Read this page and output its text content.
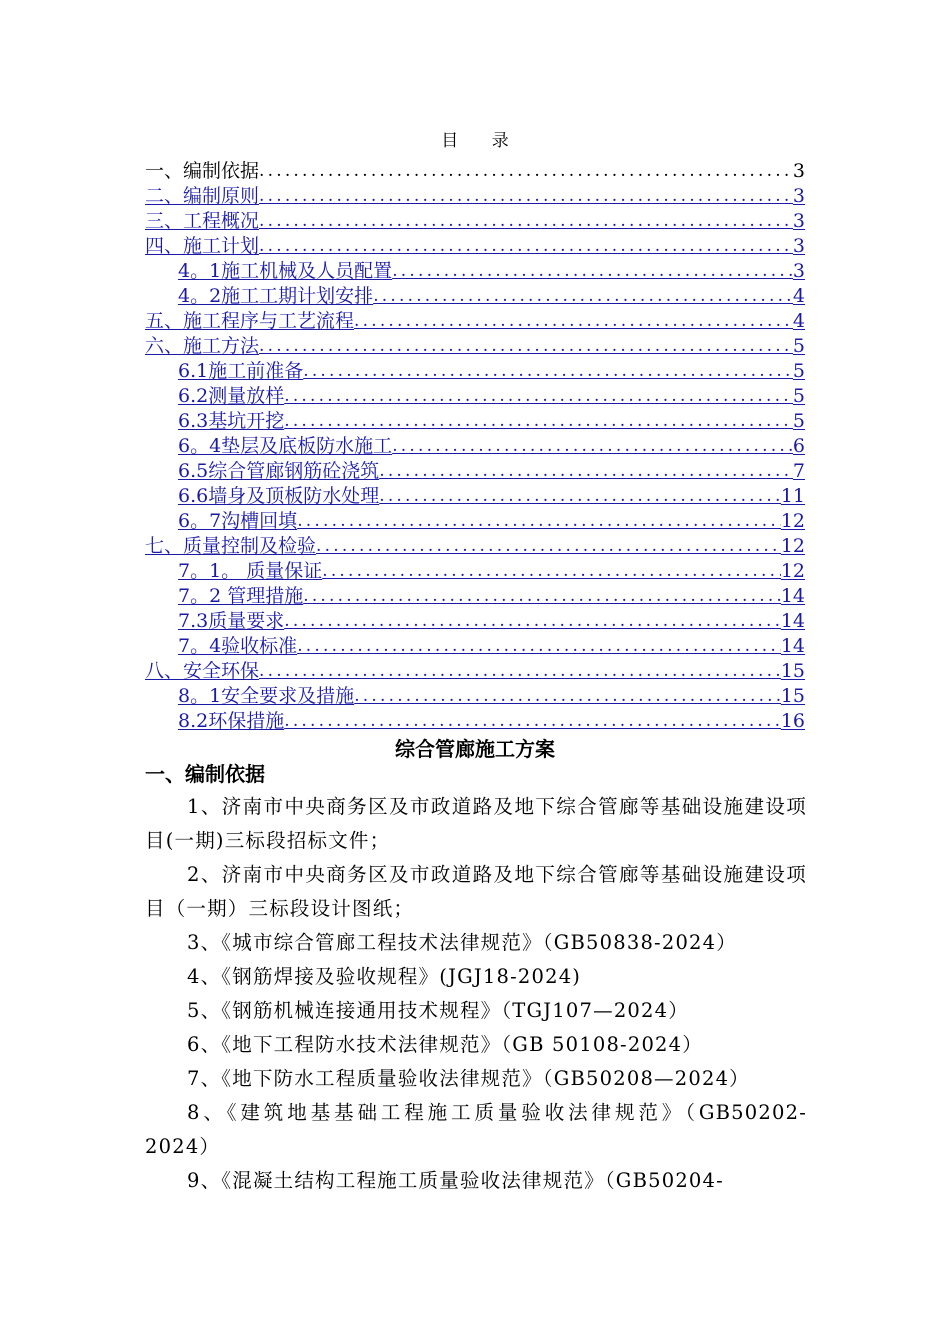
目 录
一、编制依据 .....	3
二、编制原则 .....	3
三、工程概况 .....	3
四、施工计划 .....	3
4。1施工机械及人员配置 .....	3
4。2施工工期计划安排 .....	4
五、施工程序与工艺流程 .....	4
六、施工方法 .....	5
6.1施工前准备 .....	5
6.2测量放样 .....	5
6.3基坑开挖 .....	5
6。4垫层及底板防水施工 .....	6
6.5综合管廊钢筋砼浇筑 .....	7
6.6墙身及顶板防水处理 .....	11
6。7沟槽回填 .....	12
七、质量控制及检验 .....	12
7。1。 质量保证 .....	12
7。2 管理措施 .....	14
7.3质量要求 .....	14
7。4验收标准 .....	14
八、安全环保 .....	15
8。1安全要求及措施 .....	15
8.2环保措施 .....	16
综合管廊施工方案
一、编制依据

1、济南市中央商务区及市政道路及地下综合管廊等基础设施建设项目(一期)三标段招标文件；

2、济南市中央商务区及市政道路及地下综合管廊等基础设施建设项目（一期）三标段设计图纸；

3、《城市综合管廊工程技术法律规范》（GB50838-2024）

4、《钢筋焊接及验收规程》(JGJ18-2024)

5、《钢筋机械连接通用技术规程》（TGJ107—2024）

6、《地下工程防水技术法律规范》（GB 50108-2024）

7、《地下防水工程质量验收法律规范》（GB50208—2024）

8、《建筑地基基础工程施工质量验收法律规范》（GB50202-2024）

9、《混凝土结构工程施工质量验收法律规范》（GB50204-
